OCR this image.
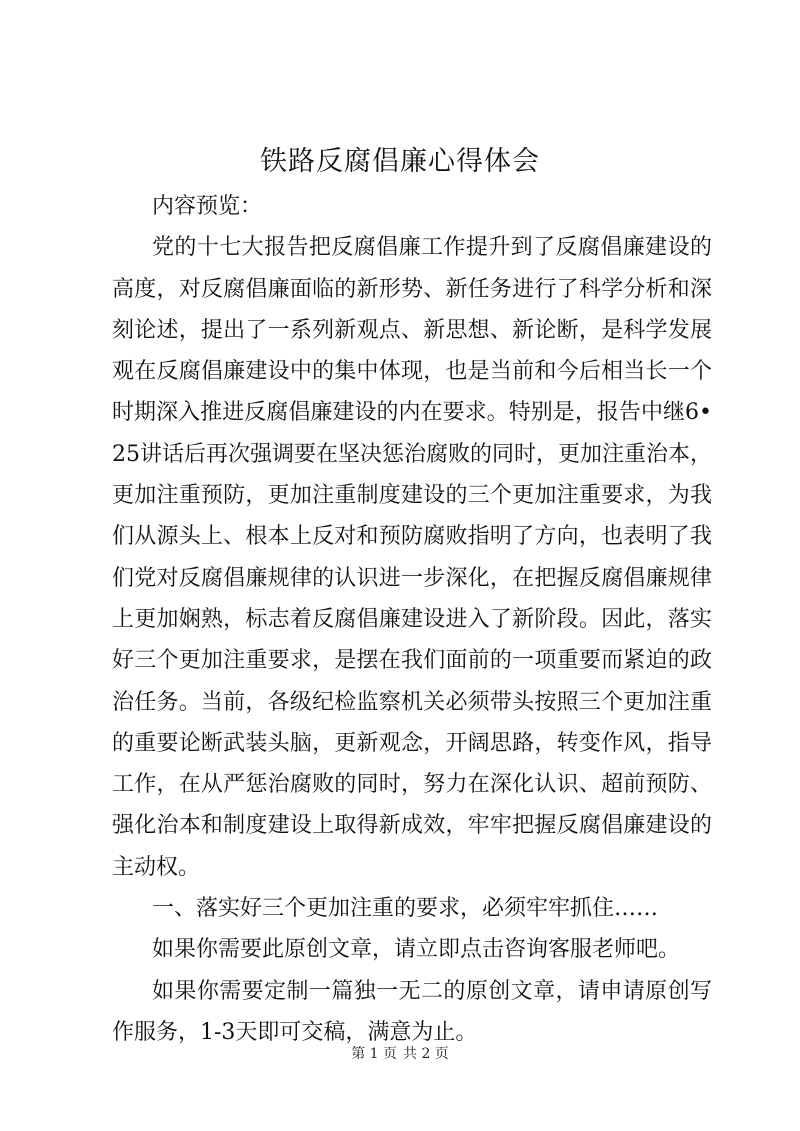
铁路反腐倡廉心得体会

内容预览：

党的十七大报告把反腐倡廉工作提升到了反腐倡廉建设的高度，对反腐倡廉面临的新形势、新任务进行了科学分析和深刻论述，提出了一系列新观点、新思想、新论断，是科学发展观在反腐倡廉建设中的集中体现，也是当前和今后相当长一个时期深入推进反腐倡廉建设的内在要求。特别是，报告中继6•25讲话后再次强调要在坚决惩治腐败的同时，更加注重治本，更加注重预防，更加注重制度建设的三个更加注重要求，为我们从源头上、根本上反对和预防腐败指明了方向，也表明了我们党对反腐倡廉规律的认识进一步深化，在把握反腐倡廉规律上更加娴熟，标志着反腐倡廉建设进入了新阶段。因此，落实好三个更加注重要求，是摆在我们面前的一项重要而紧迫的政治任务。当前，各级纪检监察机关必须带头按照三个更加注重的重要论断武装头脑，更新观念，开阔思路，转变作风，指导工作，在从严惩治腐败的同时，努力在深化认识、超前预防、强化治本和制度建设上取得新成效，牢牢把握反腐倡廉建设的主动权。

一、落实好三个更加注重的要求，必须牢牢抓住……

如果你需要此原创文章，请立即点击咨询客服老师吧。

如果你需要定制一篇独一无二的原创文章，请申请原创写作服务，1-3天即可交稿，满意为止。

第 1 页 共 2 页
